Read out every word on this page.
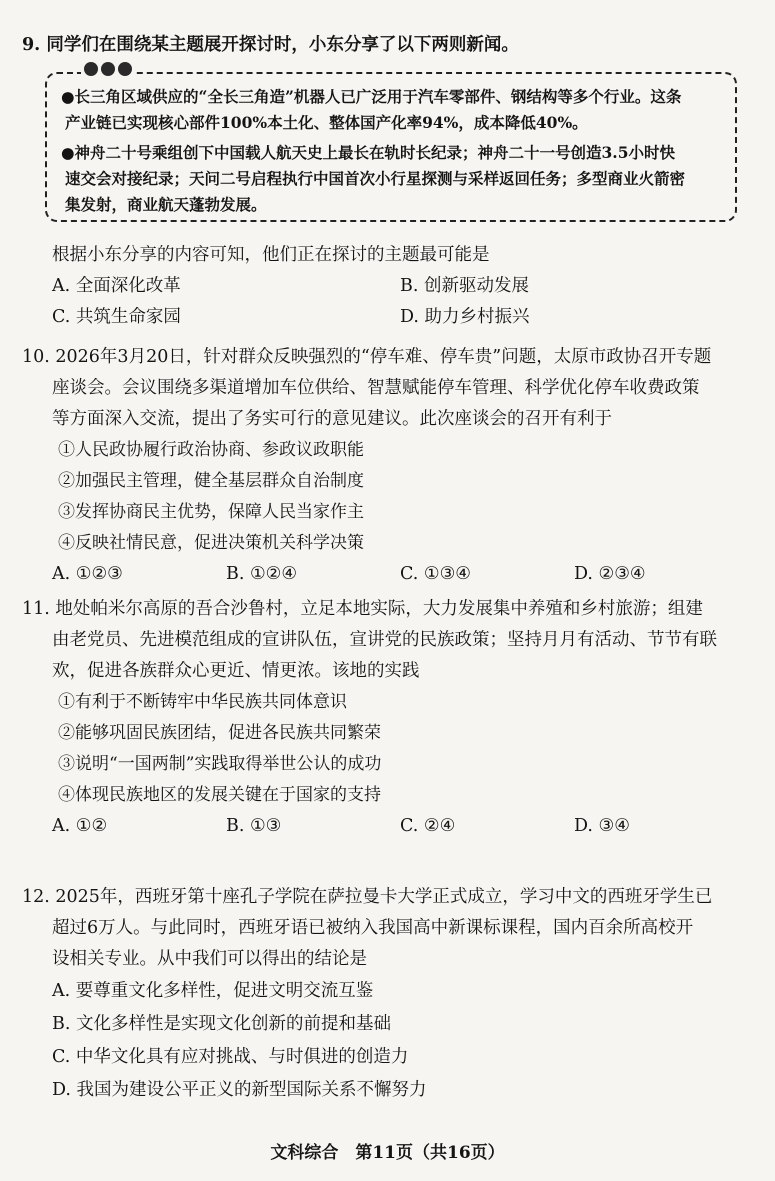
9. 同学们在围绕某主题展开探讨时，小东分享了以下两则新闻。
●长三角区域供应的“全长三角造”机器人已广泛用于汽车零部件、钢结构等多个行业。这条
产业链已实现核心部件100%本土化、整体国产化率94%，成本降低40%。
●神舟二十号乘组创下中国载人航天史上最长在轨时长纪录；神舟二十一号创造3.5小时快
速交会对接纪录；天问二号启程执行中国首次小行星探测与采样返回任务；多型商业火箭密
集发射，商业航天蓬勃发展。
根据小东分享的内容可知，他们正在探讨的主题最可能是
A. 全面深化改革	B. 创新驱动发展
C. 共筑生命家园	D. 助力乡村振兴
10. 2026年3月20日，针对群众反映强烈的“停车难、停车贵”问题，太原市政协召开专题
座谈会。会议围绕多渠道增加车位供给、智慧赋能停车管理、科学优化停车收费政策
等方面深入交流，提出了务实可行的意见建议。此次座谈会的召开有利于
①人民政协履行政治协商、参政议政职能
②加强民主管理，健全基层群众自治制度
③发挥协商民主优势，保障人民当家作主
④反映社情民意，促进决策机关科学决策
A. ①②③	B. ①②④	C. ①③④	D. ②③④
11. 地处帕米尔高原的吾合沙鲁村，立足本地实际，大力发展集中养殖和乡村旅游；组建
由老党员、先进模范组成的宣讲队伍，宣讲党的民族政策；坚持月月有活动、节节有联
欢，促进各族群众心更近、情更浓。该地的实践
①有利于不断铸牢中华民族共同体意识
②能够巩固民族团结，促进各民族共同繁荣
③说明“一国两制”实践取得举世公认的成功
④体现民族地区的发展关键在于国家的支持
A. ①②	B. ①③	C. ②④	D. ③④
12. 2025年，西班牙第十座孔子学院在萨拉曼卡大学正式成立，学习中文的西班牙学生已
超过6万人。与此同时，西班牙语已被纳入我国高中新课标课程，国内百余所高校开
设相关专业。从中我们可以得出的结论是
A. 要尊重文化多样性，促进文明交流互鉴
B. 文化多样性是实现文化创新的前提和基础
C. 中华文化具有应对挑战、与时俱进的创造力
D. 我国为建设公平正义的新型国际关系不懈努力
文科综合　第11页（共16页）
